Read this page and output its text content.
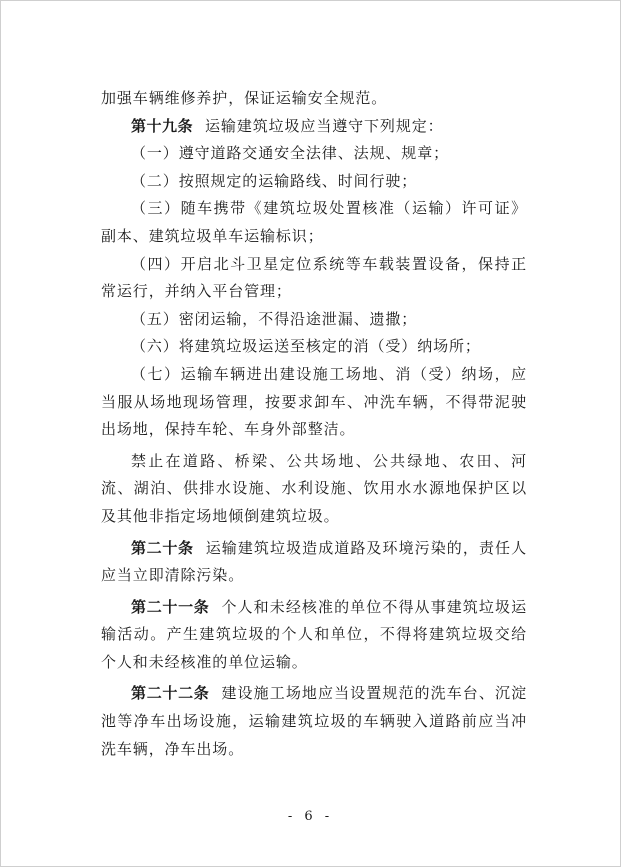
加强车辆维修养护，保证运输安全规范。

第十九条 运输建筑垃圾应当遵守下列规定：

（一）遵守道路交通安全法律、法规、规章；

（二）按照规定的运输路线、时间行驶；

（三）随车携带《建筑垃圾处置核准（运输）许可证》副本、建筑垃圾单车运输标识；

（四）开启北斗卫星定位系统等车载装置设备，保持正常运行，并纳入平台管理；

（五）密闭运输，不得沿途泄漏、遗撒；

（六）将建筑垃圾运送至核定的消（受）纳场所；

（七）运输车辆进出建设施工场地、消（受）纳场，应当服从场地现场管理，按要求卸车、冲洗车辆，不得带泥驶出场地，保持车轮、车身外部整洁。

禁止在道路、桥梁、公共场地、公共绿地、农田、河流、湖泊、供排水设施、水利设施、饮用水水源地保护区以及其他非指定场地倾倒建筑垃圾。

第二十条 运输建筑垃圾造成道路及环境污染的，责任人应当立即清除污染。

第二十一条 个人和未经核准的单位不得从事建筑垃圾运输活动。产生建筑垃圾的个人和单位，不得将建筑垃圾交给个人和未经核准的单位运输。

第二十二条 建设施工场地应当设置规范的洗车台、沉淀池等净车出场设施，运输建筑垃圾的车辆驶入道路前应当冲洗车辆，净车出场。

- 6 -
